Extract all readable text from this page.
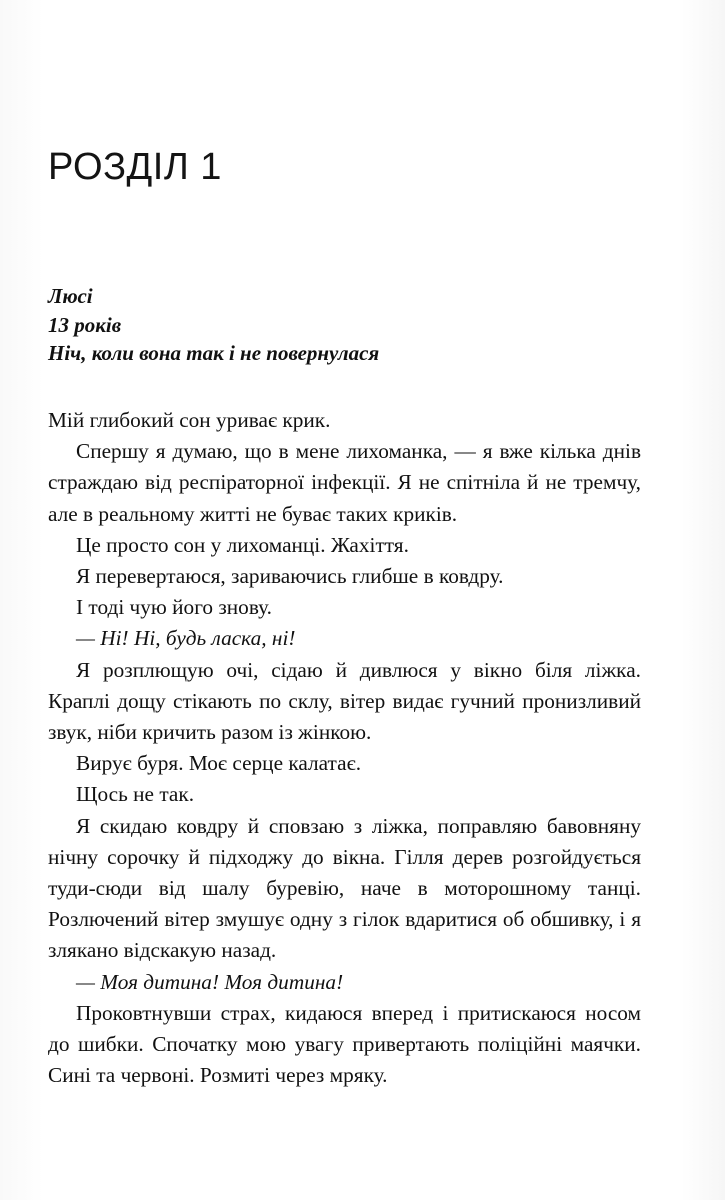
РОЗДІЛ 1
Люсі
13 років
Ніч, коли вона так і не повернулася

Мій глибокий сон уриває крик.

Спершу я думаю, що в мене лихоманка, — я вже кілька днів страждаю від респіраторної інфекції. Я не спітніла й не тремчу, але в реальному житті не буває таких криків.

Це просто сон у лихоманці. Жахіття.

Я перевертаюся, зариваючись глибше в ковдру.

І тоді чую його знову.

— Ні! Ні, будь ласка, ні!

Я розплющую очі, сідаю й дивлюся у вікно біля ліжка. Краплі дощу стікають по склу, вітер видає гучний пронизливий звук, ніби кричить разом із жінкою.

Вирує буря. Моє серце калатає.

Щось не так.

Я скидаю ковдру й сповзаю з ліжка, поправляю бавовняну нічну сорочку й підходжу до вікна. Гілля дерев розгойдується туди-сюди від шалу буревію, наче в моторошному танці. Розлючений вітер змушує одну з гілок вдаритися об обшивку, і я злякано відскакую назад.

— Моя дитина! Моя дитина!

Проковтнувши страх, кидаюся вперед і притискаюся носом до шибки. Спочатку мою увагу привертають поліційні маячки. Сині та червоні. Розмиті через мряку.
